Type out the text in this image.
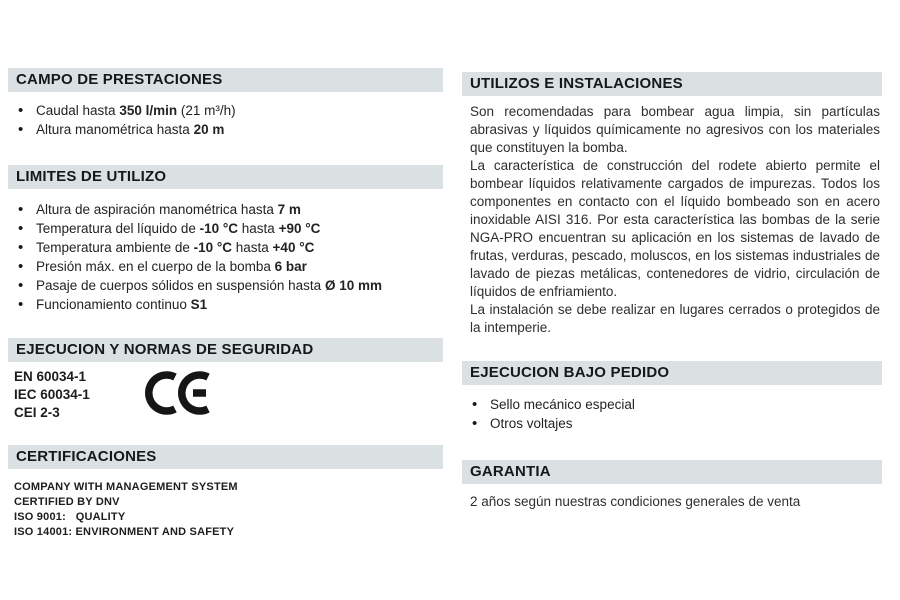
CAMPO DE PRESTACIONES
• Caudal hasta 350 l/min (21 m³/h)
• Altura manométrica hasta 20 m
LIMITES DE UTILIZO
• Altura de aspiración manométrica hasta 7 m
• Temperatura del líquido de -10 °C hasta +90 °C
• Temperatura ambiente de -10 °C hasta +40 °C
• Presión máx. en el cuerpo de la bomba 6 bar
• Pasaje de cuerpos sólidos en suspensión hasta Ø 10 mm
• Funcionamiento continuo S1
EJECUCION Y NORMAS DE SEGURIDAD
EN 60034-1
IEC 60034-1
CEI 2-3
CERTIFICACIONES
COMPANY WITH MANAGEMENT SYSTEM
CERTIFIED BY DNV
ISO 9001:   QUALITY
ISO 14001: ENVIRONMENT AND SAFETY
UTILIZOS E INSTALACIONES

Son recomendadas para bombear agua limpia, sin partículas abrasivas y líquidos químicamente no agresivos con los materiales que constituyen la bomba.

La característica de construcción del rodete abierto permite el bombear líquidos relativamente cargados de impurezas. Todos los componentes en contacto con el líquido bombeado son en acero inoxidable AISI 316. Por esta característica las bombas de la serie NGA-PRO encuentran su aplicación en los sistemas de lavado de frutas, verduras, pescado, moluscos, en los sistemas industriales de lavado de piezas metálicas, contenedores de vidrio, circulación de líquidos de enfriamiento.

La instalación se debe realizar en lugares cerrados o protegidos de la intemperie.

EJECUCION BAJO PEDIDO
• Sello mecánico especial
• Otros voltajes
GARANTIA
2 años según nuestras condiciones generales de venta
